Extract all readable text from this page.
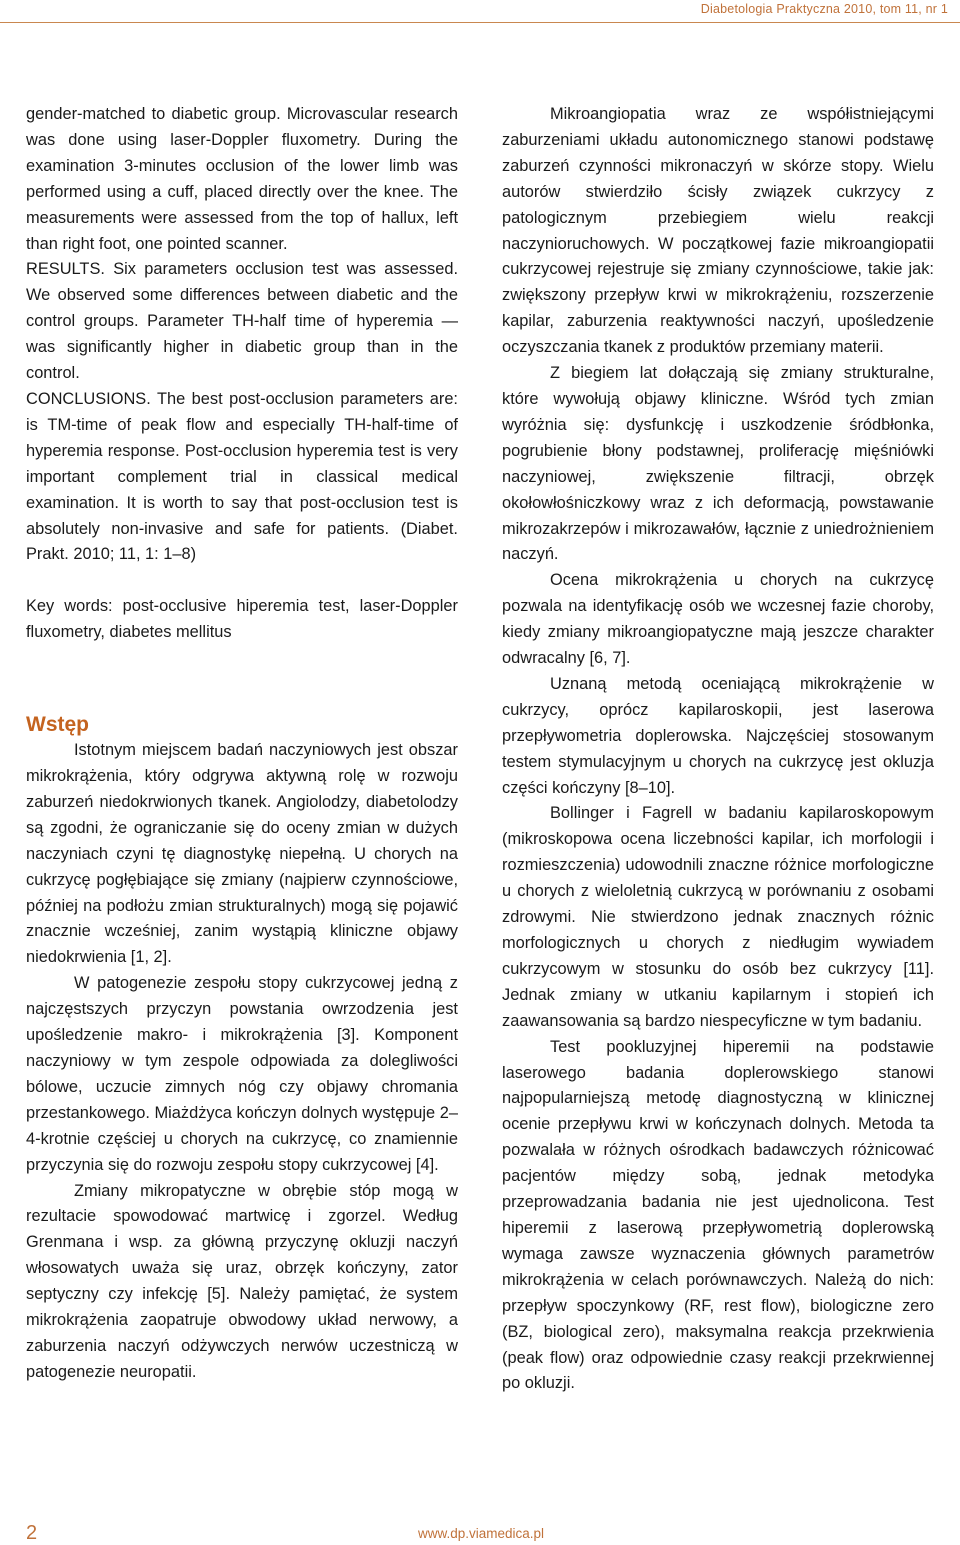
Diabetologia Praktyczna 2010, tom 11, nr 1

gender-matched to diabetic group. Microvascular research was done using laser-Doppler fluxometry. During the examination 3-minutes occlusion of the lower limb was performed using a cuff, placed directly over the knee. The measurements were assessed from the top of hallux, left than right foot, one pointed scanner.

RESULTS. Six parameters occlusion test was assessed. We observed some differences between diabetic and the control groups. Parameter TH-half time of hyperemia — was significantly higher in diabetic group than in the control.

CONCLUSIONS. The best post-occlusion parameters are: is TM-time of peak flow and especially TH-half-time of hyperemia response. Post-occlusion hyperemia test is very important complement trial in classical medical examination. It is worth to say that post-occlusion test is absolutely non-invasive and safe for patients. (Diabet. Prakt. 2010; 11, 1: 1–8)

Key words: post-occlusive hiperemia test, laser-Doppler fluxometry, diabetes mellitus

Wstęp

Istotnym miejscem badań naczyniowych jest obszar mikrokrążenia, który odgrywa aktywną rolę w rozwoju zaburzeń niedokrwionych tkanek. Angiolodzy, diabetolodzy są zgodni, że ograniczanie się do oceny zmian w dużych naczyniach czyni tę diagnostykę niepełną. U chorych na cukrzycę pogłębiające się zmiany (najpierw czynnościowe, później na podłożu zmian strukturalnych) mogą się pojawić znacznie wcześniej, zanim wystąpią kliniczne objawy niedokrwienia [1, 2].

W patogenezie zespołu stopy cukrzycowej jedną z najczęstszych przyczyn powstania owrzodzenia jest upośledzenie makro- i mikrokrążenia [3]. Komponent naczyniowy w tym zespole odpowiada za dolegliwości bólowe, uczucie zimnych nóg czy objawy chromania przestankowego. Miażdżyca kończyn dolnych występuje 2–4-krotnie częściej u chorych na cukrzycę, co znamiennie przyczynia się do rozwoju zespołu stopy cukrzycowej [4].

Zmiany mikropatyczne w obrębie stóp mogą w rezultacie spowodować martwicę i zgorzel. Według Grenmana i wsp. za główną przyczynę okluzji naczyń włosowatych uważa się uraz, obrzęk kończyny, zator septyczny czy infekcję [5]. Należy pamiętać, że system mikrokrążenia zaopatruje obwodowy układ nerwowy, a zaburzenia naczyń odżywczych nerwów uczestniczą w patogenezie neuropatii.

Mikroangiopatia wraz ze współistniejącymi zaburzeniami układu autonomicznego stanowi podstawę zaburzeń czynności mikronaczyń w skórze stopy. Wielu autorów stwierdziło ścisły związek cukrzycy z patologicznym przebiegiem wielu reakcji naczynioruchowych. W początkowej fazie mikroangiopatii cukrzycowej rejestruje się zmiany czynnościowe, takie jak: zwiększony przepływ krwi w mikrokrążeniu, rozszerzenie kapilar, zaburzenia reaktywności naczyń, upośledzenie oczyszczania tkanek z produktów przemiany materii.

Z biegiem lat dołączają się zmiany strukturalne, które wywołują objawy kliniczne. Wśród tych zmian wyróżnia się: dysfunkcję i uszkodzenie śródbłonka, pogrubienie błony podstawnej, proliferację mięśniówki naczyniowej, zwiększenie filtracji, obrzęk okołowłośniczkowy wraz z ich deformacją, powstawanie mikrozakrzepów i mikrozawałów, łącznie z uniedrożnieniem naczyń.

Ocena mikrokrążenia u chorych na cukrzycę pozwala na identyfikację osób we wczesnej fazie choroby, kiedy zmiany mikroangiopatyczne mają jeszcze charakter odwracalny [6, 7].

Uznaną metodą oceniającą mikrokrążenie w cukrzycy, oprócz kapilaroskopii, jest laserowa przepływometria doplerowska. Najczęściej stosowanym testem stymulacyjnym u chorych na cukrzycę jest okluzja części kończyny [8–10].

Bollinger i Fagrell w badaniu kapilaroskopowym (mikroskopowa ocena liczebności kapilar, ich morfologii i rozmieszczenia) udowodnili znaczne różnice morfologiczne u chorych z wieloletnią cukrzycą w porównaniu z osobami zdrowymi. Nie stwierdzono jednak znacznych różnic morfologicznych u chorych z niedługim wywiadem cukrzycowym w stosunku do osób bez cukrzycy [11]. Jednak zmiany w utkaniu kapilarnym i stopień ich zaawansowania są bardzo niespecyficzne w tym badaniu.

Test pookluzyjnej hiperemii na podstawie laserowego badania doplerowskiego stanowi najpopularniejszą metodę diagnostyczną w klinicznej ocenie przepływu krwi w kończynach dolnych. Metoda ta pozwalała w różnych ośrodkach badawczych różnicować pacjentów między sobą, jednak metodyka przeprowadzania badania nie jest ujednolicona. Test hiperemii z laserową przepływometrią doplerowską wymaga zawsze wyznaczenia głównych parametrów mikrokrążenia w celach porównawczych. Należą do nich: przepływ spoczynkowy (RF, rest flow), biologiczne zero (BZ, biological zero), maksymalna reakcja przekrwienia (peak flow) oraz odpowiednie czasy reakcji przekrwiennej po okluzji.

2	www.dp.viamedica.pl
